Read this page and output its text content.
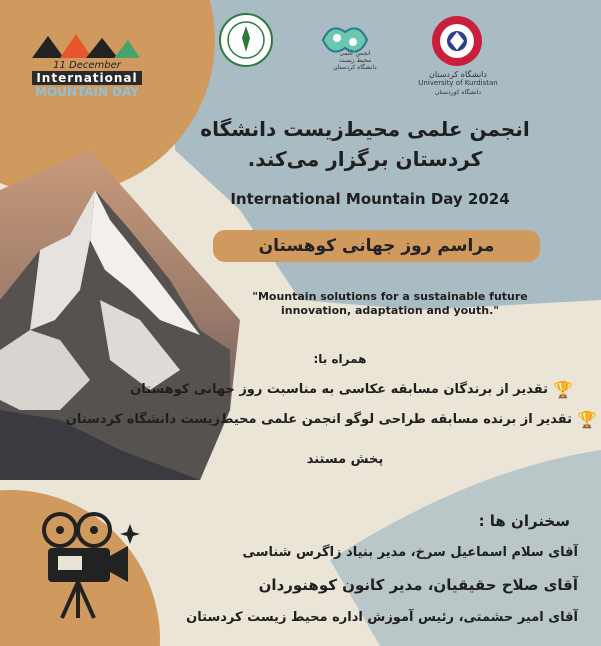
11 December
International
MOUNTAIN DAY
انجمن علمی
محیط زیست
دانشگاه کردستان
دانشگاه کردستان
University of Kurdistan
دانشگاه کوردستان
انجمن علمی محیط‌زیست دانشگاه
کردستان برگزار می‌کند.
International Mountain Day 2024
مراسم روز جهانی کوهستان
"Mountain solutions for a sustainable future
innovation, adaptation and youth."
همراه با:
🏆
تقدیر از برندگان مسابقه عکاسی به مناسبت روز جهانی کوهستان
🏆
تقدیر از برنده مسابقه طراحی لوگو انجمن علمی محیط‌زیست دانشگاه کردستان
پخش مستند
سخنران ها :
آقای سلام اسماعیل سرخ، مدیر بنیاد زاگرس شناسی
آقای صلاح حقیقیان، مدیر کانون کوهنوردان
آقای امیر حشمتی، رئیس آموزش اداره محیط زیست کردستان
